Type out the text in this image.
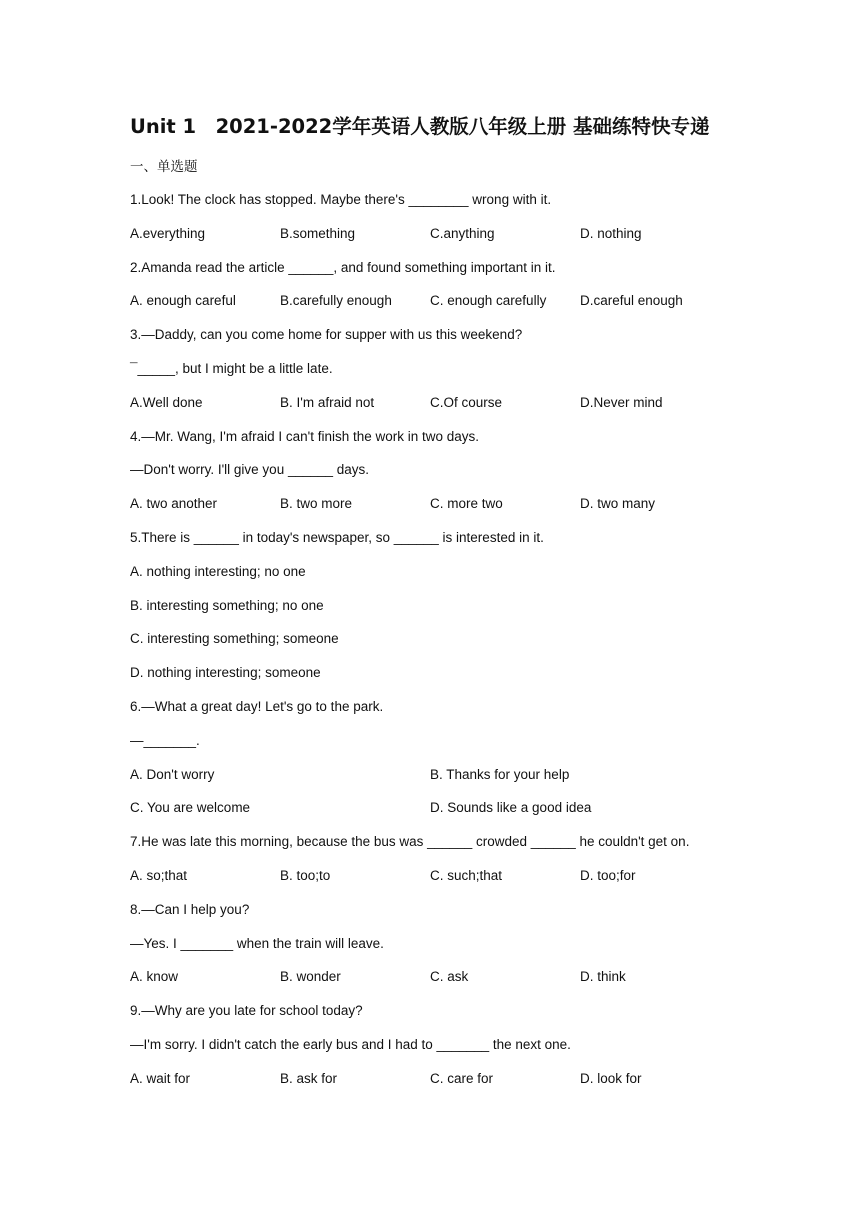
Unit 1　2021-2022学年英语人教版八年级上册 基础练特快专递
一、单选题
1.Look! The clock has stopped. Maybe there's ________ wrong with it.
A.everything	B.something	C.anything	D. nothing
2.Amanda read the article ______, and found something important in it.
A. enough careful	B.carefully enough	C. enough carefully D.careful enough
3.—Daddy, can you come home for supper with us this weekend?
¯_____, but I might be a little late.
A.Well done	B. I'm afraid not	C.Of course	D.Never mind
4.—Mr. Wang, I'm afraid I can't finish the work in two days.
—Don't worry. I'll give you ______ days.
A. two another	B. two more	C. more two	D. two many
5.There is ______ in today's newspaper, so ______ is interested in it.
A. nothing interesting; no one
B. interesting something; no one
C. interesting something; someone
D. nothing interesting; someone
6.—What a great day! Let's go to the park.
—_______.
A. Don't worry	B. Thanks for your help
C. You are welcome	D. Sounds like a good idea
7.He was late this morning, because the bus was ______ crowded ______ he couldn't get on.
A. so;that	B. too;to	C. such;that	D. too;for
8.—Can I help you?
—Yes. I _______ when the train will leave.
A. know	B. wonder	C. ask	D. think
9.—Why are you late for school today?
—I'm sorry. I didn't catch the early bus and I had to _______ the next one.
A. wait for	B. ask for	C. care for	D. look for
